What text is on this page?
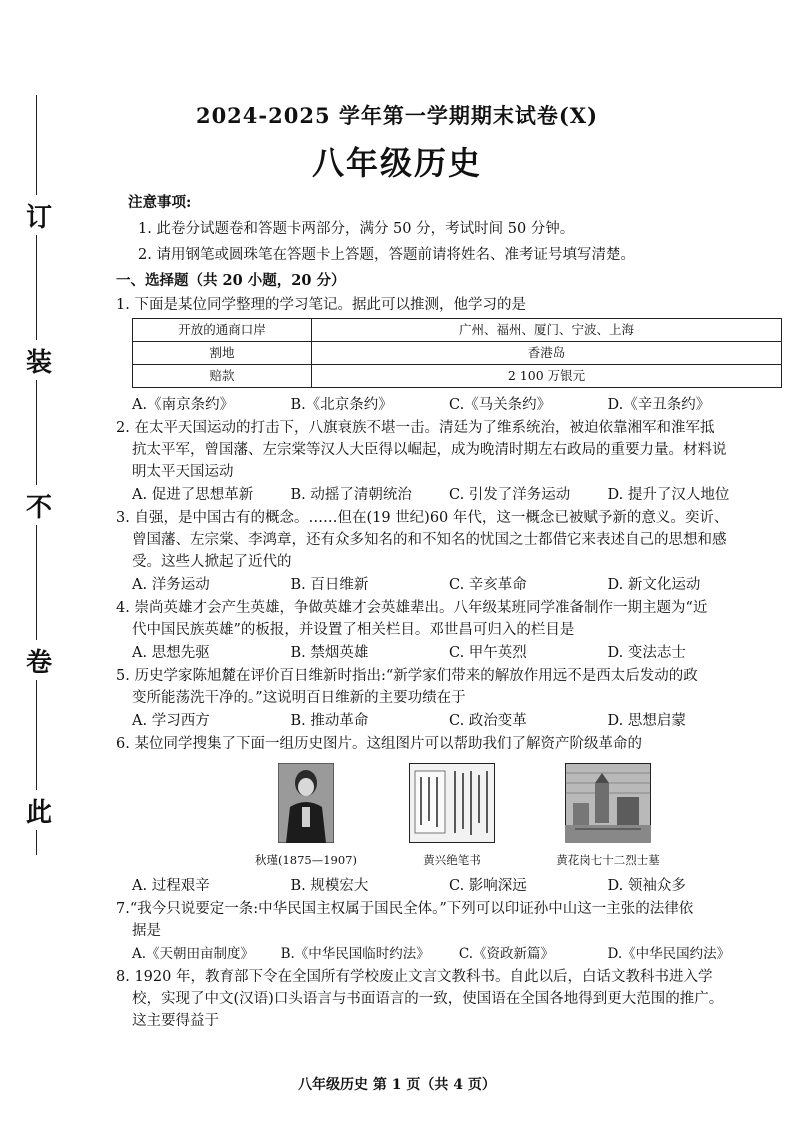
订
装
不
卷
此
2024-2025 学年第一学期期末试卷(X)
八年级历史
注意事项:
1. 此卷分试题卷和答题卡两部分，满分 50 分，考试时间 50 分钟。
2. 请用钢笔或圆珠笔在答题卡上答题，答题前请将姓名、准考证号填写清楚。
一、选择题（共 20 小题，20 分）
1. 下面是某位同学整理的学习笔记。据此可以推测，他学习的是
开放的通商口岸	广州、福州、厦门、宁波、上海
割地	香港岛
赔款	2 100 万银元
A.《南京条约》	B.《北京条约》	C.《马关条约》	D.《辛丑条约》
2. 在太平天国运动的打击下，八旗衰族不堪一击。清廷为了维系统治，被迫依靠湘军和淮军抵
抗太平军，曾国藩、左宗棠等汉人大臣得以崛起，成为晚清时期左右政局的重要力量。材料说
明太平天国运动
A. 促进了思想革新	B. 动摇了清朝统治	C. 引发了洋务运动	D. 提升了汉人地位
3. 自强，是中国古有的概念。……但在(19 世纪)60 年代，这一概念已被赋予新的意义。奕䜣、
曾国藩、左宗棠、李鸿章，还有众多知名的和不知名的忧国之士都借它来表述自己的思想和感
受。这些人掀起了近代的
A. 洋务运动	B. 百日维新	C. 辛亥革命	D. 新文化运动
4. 崇尚英雄才会产生英雄，争做英雄才会英雄辈出。八年级某班同学准备制作一期主题为“近
代中国民族英雄”的板报，并设置了相关栏目。邓世昌可归入的栏目是
A. 思想先驱	B. 禁烟英雄	C. 甲午英烈	D. 变法志士
5. 历史学家陈旭麓在评价百日维新时指出:“新学家们带来的解放作用远不是西太后发动的政
变所能荡洗干净的。”这说明百日维新的主要功绩在于
A. 学习西方	B. 推动革命	C. 政治变革	D. 思想启蒙
6. 某位同学搜集了下面一组历史图片。这组图片可以帮助我们了解资产阶级革命的
秋瑾(1875—1907)	黄兴绝笔书	黄花岗七十二烈士墓
A. 过程艰辛	B. 规模宏大	C. 影响深远	D. 领袖众多
7.“我今只说要定一条:中华民国主权属于国民全体。”下列可以印证孙中山这一主张的法律依
据是
A.《天朝田亩制度》	B.《中华民国临时约法》	C.《资政新篇》	D.《中华民国约法》
8. 1920 年，教育部下令在全国所有学校废止文言文教科书。自此以后，白话文教科书进入学
校，实现了中文(汉语)口头语言与书面语言的一致，使国语在全国各地得到更大范围的推广。
这主要得益于
八年级历史 第 1 页（共 4 页）
